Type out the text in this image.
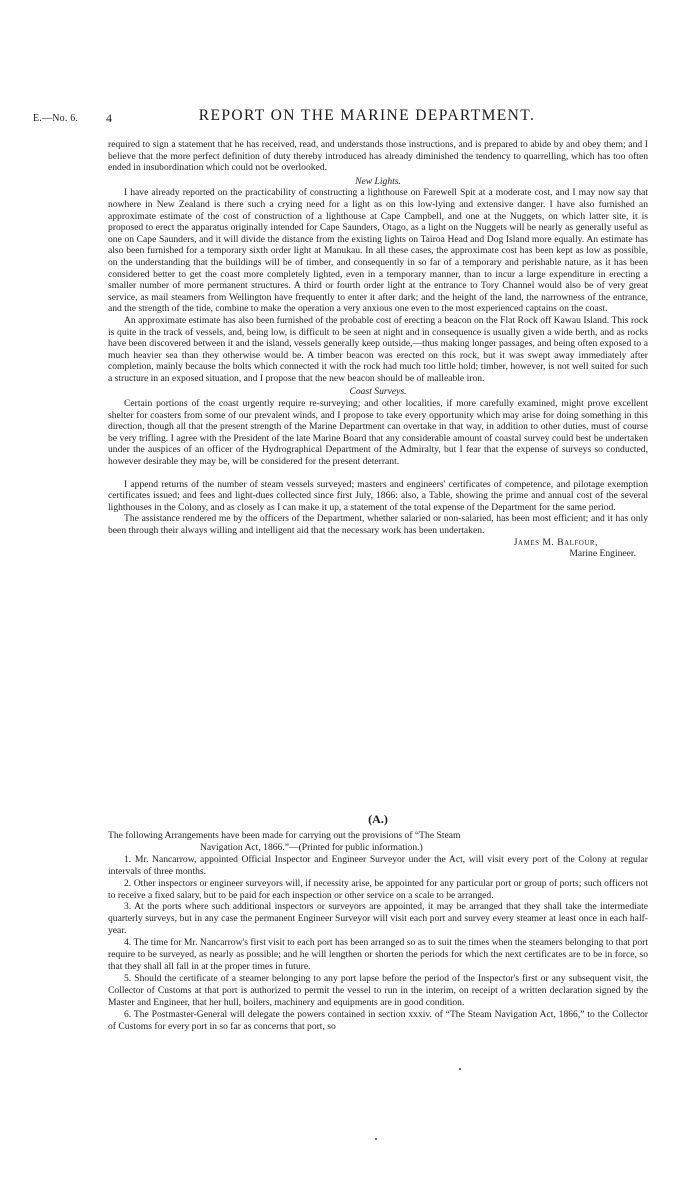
E.—No. 6. 4	REPORT ON THE MARINE DEPARTMENT.

required to sign a statement that he has received, read, and understands those instructions, and is prepared to abide by and obey them; and I believe that the more perfect definition of duty thereby introduced has already diminished the tendency to quarrelling, which has too often ended in insubordination which could not be overlooked.

New Lights.

I have already reported on the practicability of constructing a lighthouse on Farewell Spit at a moderate cost, and I may now say that nowhere in New Zealand is there such a crying need for a light as on this low-lying and extensive danger. I have also furnished an approximate estimate of the cost of construction of a lighthouse at Cape Campbell, and one at the Nuggets, on which latter site, it is proposed to erect the apparatus originally intended for Cape Saunders, Otago, as a light on the Nuggets will be nearly as generally useful as one on Cape Saunders, and it will divide the distance from the existing lights on Tairoa Head and Dog Island more equally. An estimate has also been furnished for a temporary sixth order light at Manukau. In all these cases, the approximate cost has been kept as low as possible, on the understanding that the buildings will be of timber, and consequently in so far of a temporary and perishable nature, as it has been considered better to get the coast more completely lighted, even in a temporary manner, than to incur a large expenditure in erecting a smaller number of more permanent structures. A third or fourth order light at the entrance to Tory Channel would also be of very great service, as mail steamers from Wellington have frequently to enter it after dark; and the height of the land, the narrowness of the entrance, and the strength of the tide, combine to make the operation a very anxious one even to the most experienced captains on the coast.

An approximate estimate has also been furnished of the probable cost of erecting a beacon on the Flat Rock off Kawau Island. This rock is quite in the track of vessels, and, being low, is difficult to be seen at night and in consequence is usually given a wide berth, and as rocks have been discovered between it and the island, vessels generally keep outside,—thus making longer passages, and being often exposed to a much heavier sea than they otherwise would be. A timber beacon was erected on this rock, but it was swept away immediately after completion, mainly because the bolts which connected it with the rock had much too little hold; timber, however, is not well suited for such a structure in an exposed situation, and I propose that the new beacon should be of malleable iron.

Coast Surveys.

Certain portions of the coast urgently require re-surveying; and other localities, if more carefully examined, might prove excellent shelter for coasters from some of our prevalent winds, and I propose to take every opportunity which may arise for doing something in this direction, though all that the present strength of the Marine Department can overtake in that way, in addition to other duties, must of course be very trifling. I agree with the President of the late Marine Board that any considerable amount of coastal survey could best be undertaken under the auspices of an officer of the Hydrographical Department of the Admiralty, but I fear that the expense of surveys so conducted, however desirable they may be, will be considered for the present deterrant.

I append returns of the number of steam vessels surveyed; masters and engineers' certificates of competence, and pilotage exemption certificates issued; and fees and light-dues collected since first July, 1866: also, a Table, showing the prime and annual cost of the several lighthouses in the Colony, and as closely as I can make it up, a statement of the total expense of the Department for the same period.

The assistance rendered me by the officers of the Department, whether salaried or non-salaried, has been most efficient; and it has only been through their always willing and intelligent aid that the necessary work has been undertaken.

James M. Balfour,
Marine Engineer.

(A.)

The following Arrangements have been made for carrying out the provisions of “The Steam
Navigation Act, 1866.”—(Printed for public information.)

1. Mr. Nancarrow, appointed Official Inspector and Engineer Surveyor under the Act, will visit every port of the Colony at regular intervals of three months.

2. Other inspectors or engineer surveyors will, if necessity arise, be appointed for any particular port or group of ports; such officers not to receive a fixed salary, but to be paid for each inspection or other service on a scale to be arranged.

3. At the ports where such additional inspectors or surveyors are appointed, it may be arranged that they shall take the intermediate quarterly surveys, but in any case the permanent Engineer Surveyor will visit each port and survey every steamer at least once in each half-year.

4. The time for Mr. Nancarrow's first visit to each port has been arranged so as to suit the times when the steamers belonging to that port require to be surveyed, as nearly as possible; and he will lengthen or shorten the periods for which the next certificates are to be in force, so that they shall all fall in at the proper times in future.

5. Should the certificate of a steamer belonging to any port lapse before the period of the Inspector's first or any subsequent visit, the Collector of Customs at that port is authorized to permit the vessel to run in the interim, on receipt of a written declaration signed by the Master and Engineer, that her hull, boilers, machinery and equipments are in good condition.

6. The Postmaster-General will delegate the powers contained in section xxxiv. of “The Steam Navigation Act, 1866,” to the Collector of Customs for every port in so far as concerns that port, so
